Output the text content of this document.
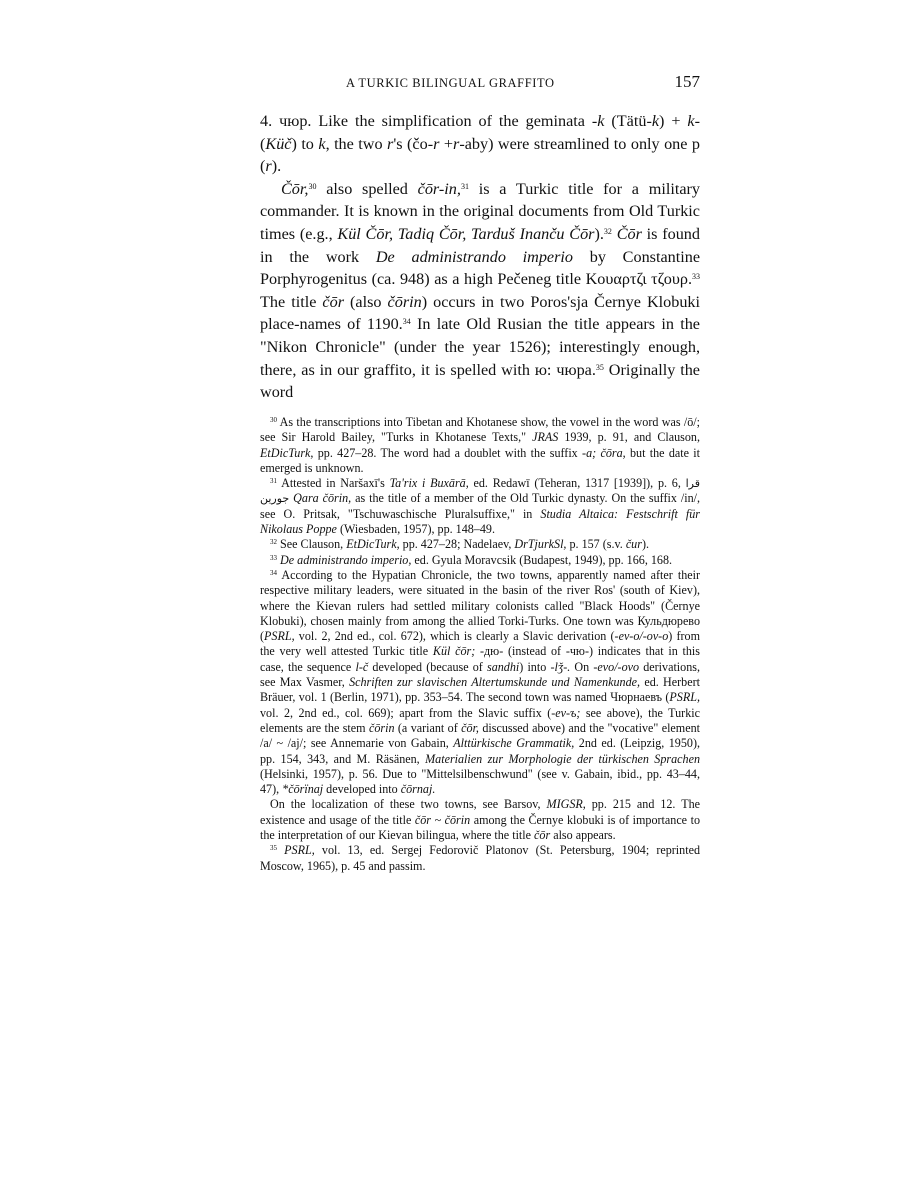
A TURKIC BILINGUAL GRAFFITO	157

4. чюр. Like the simplification of the geminata -k (Tätü-k) + k-(Küč) to k, the two r's (čo-r +r-aby) were streamlined to only one p (r).

Čōr,$^{30}$ also spelled čōr-in,$^{31}$ is a Turkic title for a military commander. It is known in the original documents from Old Turkic times (e.g., Kül Čōr, Tadiq Čōr, Tarduš Inanču Čōr).$^{32}$ Čōr is found in the work De administrando imperio by Constantine Porphyrogenitus (ca. 948) as a high Pečeneg title Κουαρτζι τζουρ.$^{33}$ The title čōr (also čōrin) occurs in two Poros'sja Černye Klobuki place-names of 1190.34 In late Old Rusian the title appears in the "Nikon Chronicle" (under the year 1526); interestingly enough, there, as in our graffito, it is spelled with ю: чюра.$^{35}$ Originally the word

$^{30}$ As the transcriptions into Tibetan and Khotanese show, the vowel in the word was /ō/; see Sir Harold Bailey, "Turks in Khotanese Texts," JRAS 1939, p. 91, and Clauson, EtDicTurk, pp. 427–28. The word had a doublet with the suffix -a; čōra, but the date it emerged is unknown.

$^{31}$ Attested in Naršaxī's Ta'rix i Buxārā, ed. Redawī (Teheran, 1317 [1939]), p. 6, قرا جورين Qara čōrin, as the title of a member of the Old Turkic dynasty. On the suffix /in/, see O. Pritsak, "Tschuwaschische Pluralsuffixe," in Studia Altaica: Festschrift für Nikolaus Poppe (Wiesbaden, 1957), pp. 148–49.

$^{32}$ See Clauson, EtDicTurk, pp. 427–28; Nadelaev, DrTjurkSl, p. 157 (s.v. čur).

$^{33}$ De administrando imperio, ed. Gyula Moravcsik (Budapest, 1949), pp. 166, 168.

$^{34}$ According to the Hypatian Chronicle, the two towns, apparently named after their respective military leaders, were situated in the basin of the river Ros' (south of Kiev), where the Kievan rulers had settled military colonists called "Black Hoods" (Černye Klobuki), chosen mainly from among the allied Torki-Turks. One town was Кульдюрево (PSRL, vol. 2, 2nd ed., col. 672), which is clearly a Slavic derivation (-ev-o/-ov-o) from the very well attested Turkic title Kül čōr; -дю- (instead of -чю-) indicates that in this case, the sequence l-č developed (because of sandhi) into -lǯ-. On -evo/-ovo derivations, see Max Vasmer, Schriften zur slavischen Altertumskunde und Namenkunde, ed. Herbert Bräuer, vol. 1 (Berlin, 1971), pp. 353–54. The second town was named Чюрнаевъ (PSRL, vol. 2, 2nd ed., col. 669); apart from the Slavic suffix (-ev-ъ; see above), the Turkic elements are the stem čōrin (a variant of čōr, discussed above) and the "vocative" element /a/ ~ /aj/; see Annemarie von Gabain, Alttürkische Grammatik, 2nd ed. (Leipzig, 1950), pp. 154, 343, and M. Räsänen, Materialien zur Morphologie der türkischen Sprachen (Helsinki, 1957), p. 56. Due to "Mittelsilbenschwund" (see v. Gabain, ibid., pp. 43–44, 47), *čōrïnaj developed into čōrnaj.

On the localization of these two towns, see Barsov, MIGSR, pp. 215 and 12. The existence and usage of the title čōr ~ čōrin among the Černye klobuki is of importance to the interpretation of our Kievan bilingua, where the title čōr also appears.

$^{35}$ PSRL, vol. 13, ed. Sergej Fedorovič Platonov (St. Petersburg, 1904; reprinted Moscow, 1965), p. 45 and passim.
